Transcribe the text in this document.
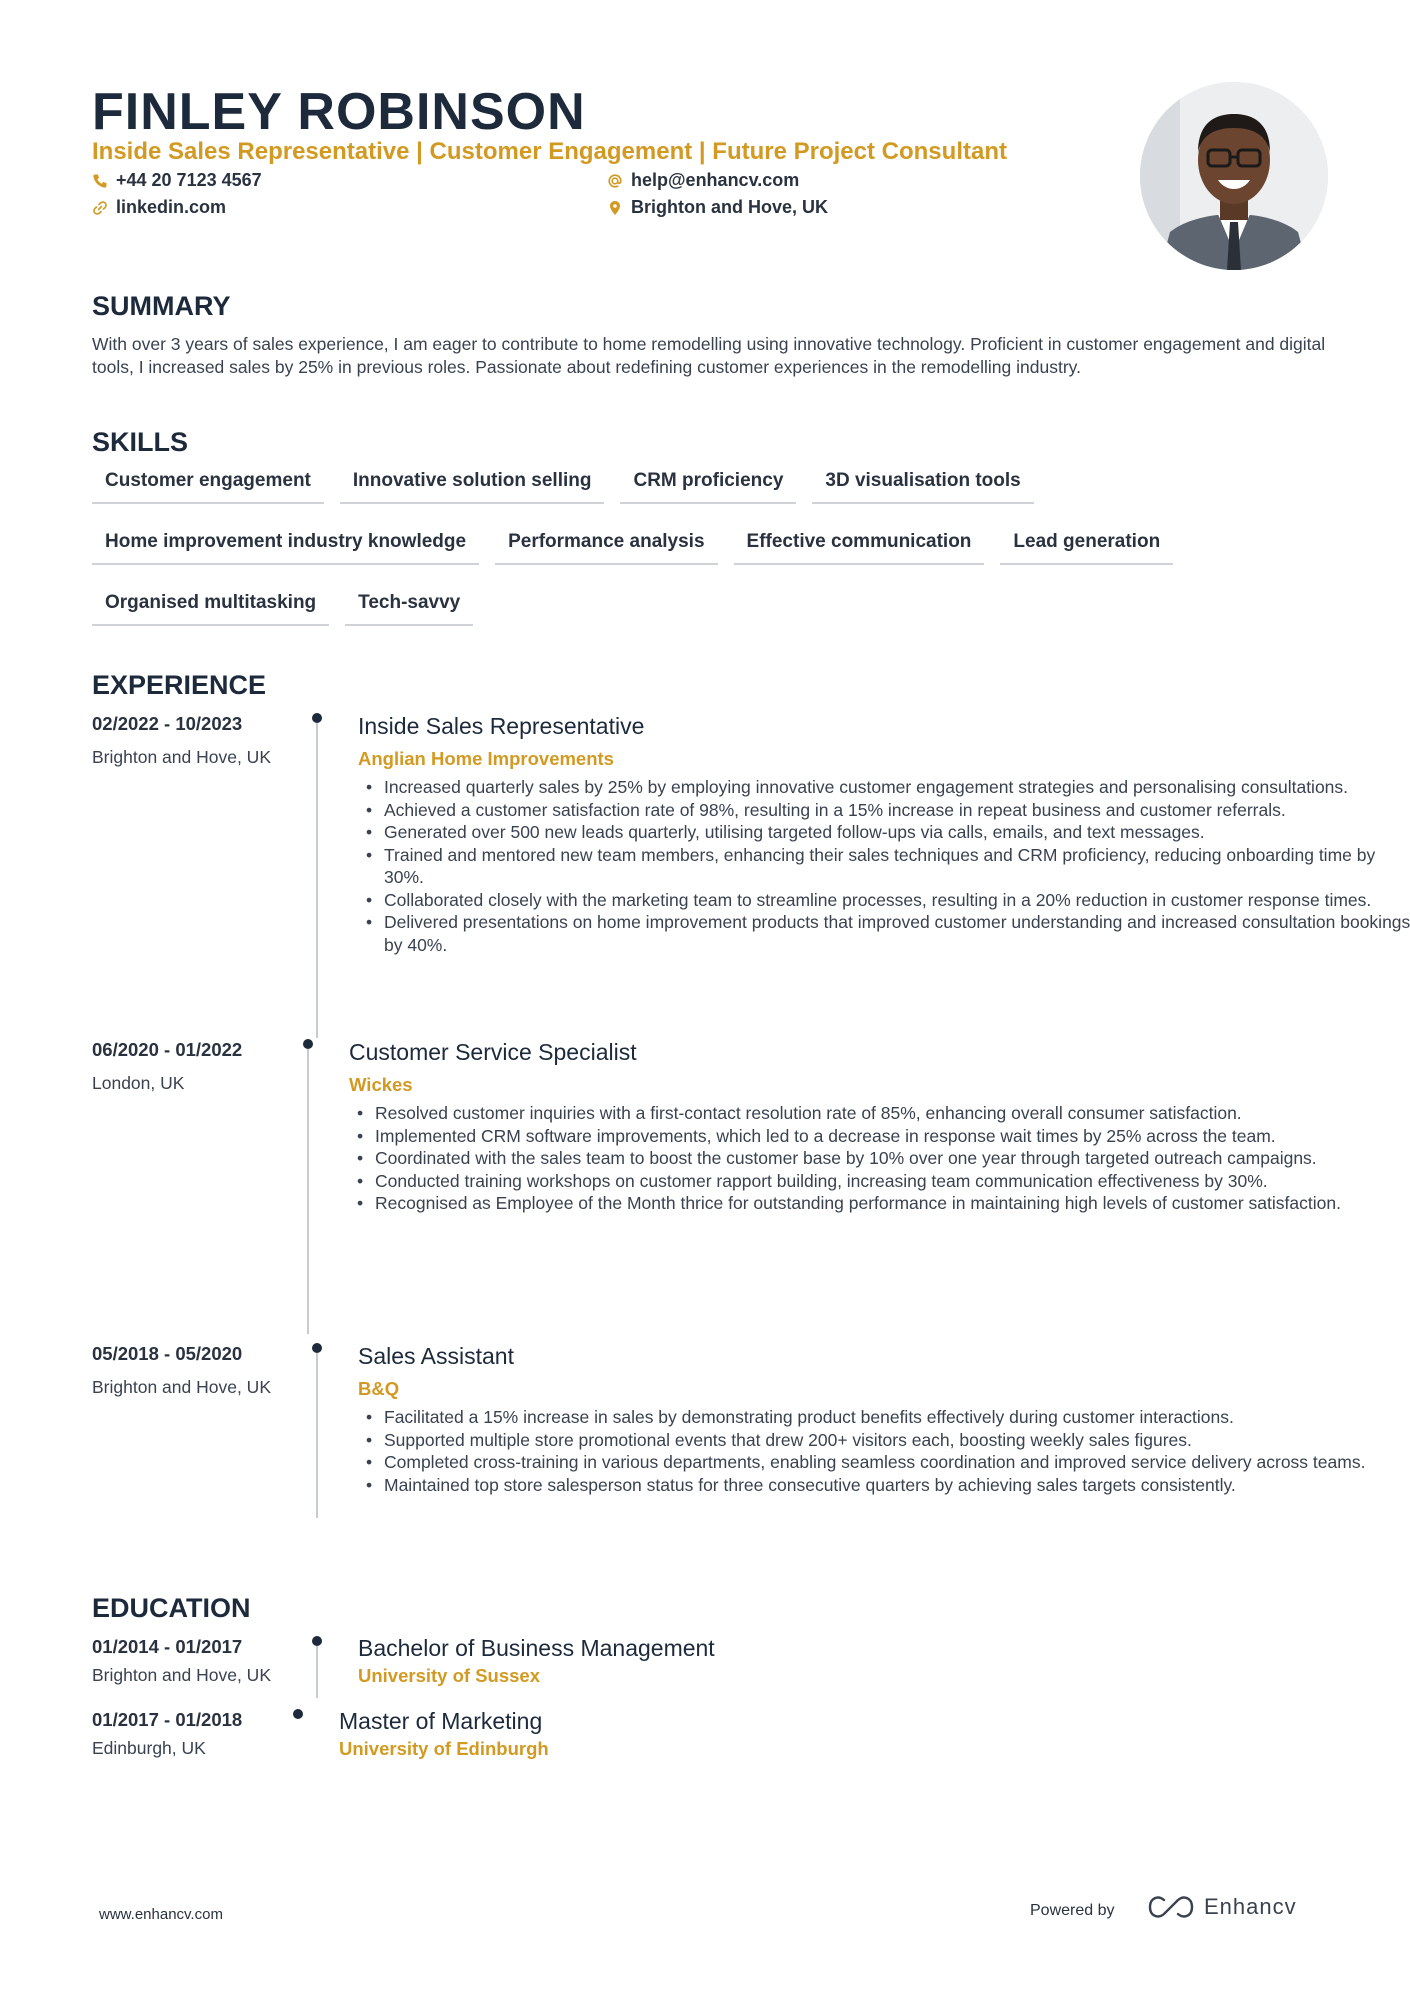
FINLEY ROBINSON
Inside Sales Representative | Customer Engagement | Future Project Consultant
+44 20 7123 4567	help@enhancv.com
linkedin.com	Brighton and Hove, UK
SUMMARY
With over 3 years of sales experience, I am eager to contribute to home remodelling using innovative technology. Proficient in customer engagement and digital tools, I increased sales by 25% in previous roles. Passionate about redefining customer experiences in the remodelling industry.
SKILLS
Customer engagement	Innovative solution selling	CRM proficiency	3D visualisation tools
Home improvement industry knowledge	Performance analysis	Effective communication	Lead generation
Organised multitasking	Tech-savvy
EXPERIENCE
02/2022 - 10/2023
Brighton and Hove, UK
Inside Sales Representative
Anglian Home Improvements
• Increased quarterly sales by 25% by employing innovative customer engagement strategies and personalising consultations.
• Achieved a customer satisfaction rate of 98%, resulting in a 15% increase in repeat business and customer referrals.
• Generated over 500 new leads quarterly, utilising targeted follow-ups via calls, emails, and text messages.
• Trained and mentored new team members, enhancing their sales techniques and CRM proficiency, reducing onboarding time by 30%.
• Collaborated closely with the marketing team to streamline processes, resulting in a 20% reduction in customer response times.
• Delivered presentations on home improvement products that improved customer understanding and increased consultation bookings by 40%.
06/2020 - 01/2022
London, UK
Customer Service Specialist
Wickes
• Resolved customer inquiries with a first-contact resolution rate of 85%, enhancing overall consumer satisfaction.
• Implemented CRM software improvements, which led to a decrease in response wait times by 25% across the team.
• Coordinated with the sales team to boost the customer base by 10% over one year through targeted outreach campaigns.
• Conducted training workshops on customer rapport building, increasing team communication effectiveness by 30%.
• Recognised as Employee of the Month thrice for outstanding performance in maintaining high levels of customer satisfaction.
05/2018 - 05/2020
Brighton and Hove, UK
Sales Assistant
B&Q
• Facilitated a 15% increase in sales by demonstrating product benefits effectively during customer interactions.
• Supported multiple store promotional events that drew 200+ visitors each, boosting weekly sales figures.
• Completed cross-training in various departments, enabling seamless coordination and improved service delivery across teams.
• Maintained top store salesperson status for three consecutive quarters by achieving sales targets consistently.
EDUCATION
01/2014 - 01/2017
Brighton and Hove, UK
Bachelor of Business Management
University of Sussex
01/2017 - 01/2018
Edinburgh, UK
Master of Marketing
University of Edinburgh
www.enhancv.com	Powered by	Enhancv
